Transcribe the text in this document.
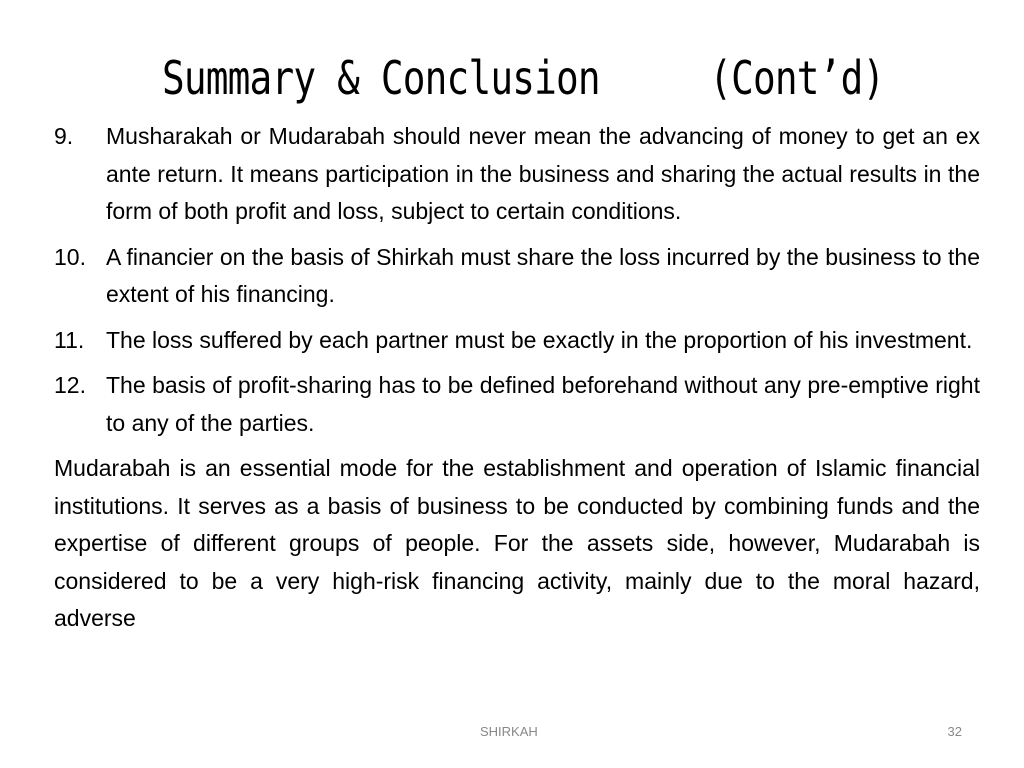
Summary & Conclusion     (Cont’d)
9.	Musharakah or Mudarabah should never mean the advancing of money to get an ex ante return. It means participation in the business and sharing the actual results in the form of both profit and loss, subject to certain conditions.
10. A financier on the basis of Shirkah must share the loss incurred by the business to the extent of his financing.
11. The loss suffered by each partner must be exactly in the proportion of his investment.
12. The basis of profit-sharing has to be defined beforehand without any pre-emptive right to any of the parties.

Mudarabah is an essential mode for the establishment and operation of Islamic financial institutions. It serves as a basis of business to be conducted by combining funds and the expertise of different groups of people. For the assets side, however, Mudarabah is considered to be a very high-risk financing activity, mainly due to the moral hazard, adverse

SHIRKAH	32
